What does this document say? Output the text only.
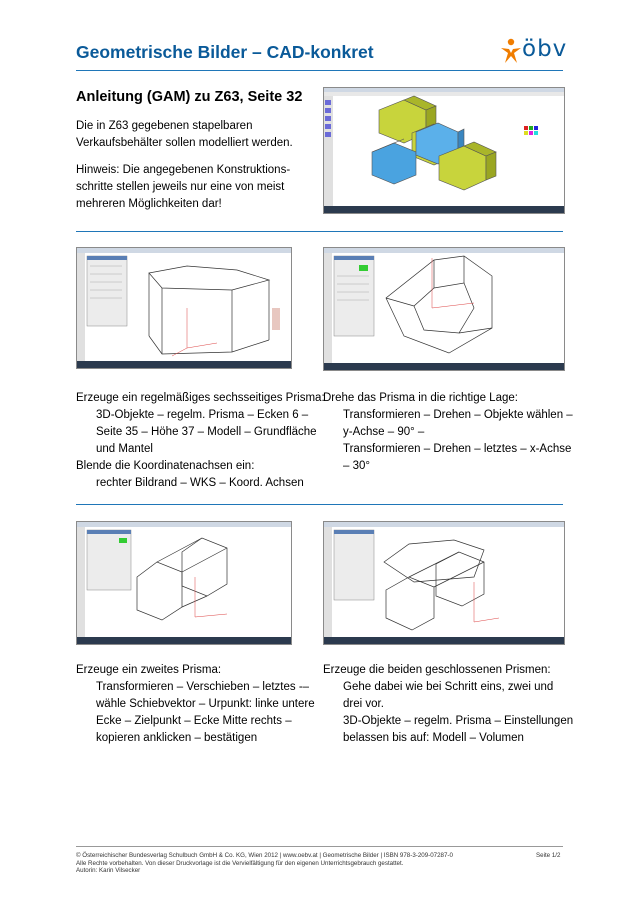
Geometrische Bilder – CAD-konkret	öbv
Anleitung (GAM) zu Z63, Seite 32
Die in Z63 gegebenen stapelbaren
Verkaufsbehälter sollen modelliert werden.
Hinweis: Die angegebenen Konstruktions-
schritte stellen jeweils nur eine von meist
mehreren Möglichkeiten dar!
Erzeuge ein regelmäßiges sechsseitiges Prisma:
3D-Objekte – regelm. Prisma – Ecken 6 –
Seite 35 – Höhe 37 – Modell – Grundfläche
und Mantel
Blende die Koordinatenachsen ein:
rechter Bildrand – WKS – Koord. Achsen
Drehe das Prisma in die richtige Lage:
Transformieren – Drehen – Objekte wählen –
y-Achse – 90° –
Transformieren – Drehen – letztes – x-Achse
– 30°
Erzeuge ein zweites Prisma:
Transformieren – Verschieben – letztes -–
wähle Schiebvektor – Urpunkt: linke untere
Ecke – Zielpunkt – Ecke Mitte rechts –
kopieren anklicken – bestätigen
Erzeuge die beiden geschlossenen Prismen:
Gehe dabei wie bei Schritt eins, zwei und
drei vor.
3D-Objekte – regelm. Prisma – Einstellungen
belassen bis auf: Modell – Volumen
© Österreichischer Bundesverlag Schulbuch GmbH & Co. KG, Wien 2012 | www.oebv.at | Geometrische Bilder | ISBN 978-3-209-07287-0
Alle Rechte vorbehalten. Von dieser Druckvorlage ist die Vervielfältigung für den eigenen Unterrichtsgebrauch gestattet.
Autorin: Karin Vilsecker
Seite 1/2
